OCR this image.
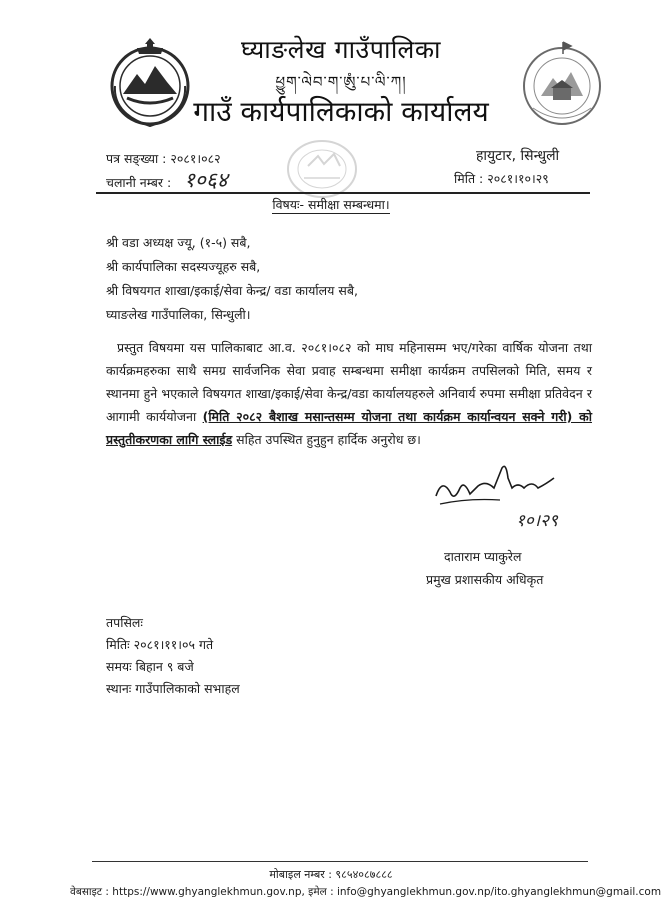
घ्याङलेख गाउँपालिका
ཕྱུག་ལེབ་ག་ཨུཾ་པ་ལི་ཀ།
गाउँ कार्यपालिकाको कार्यालय
पत्र सङ्ख्या : २०८१।०८२
चलानी नम्बर : १०६४
हायुटार, सिन्धुली
मिति : २०८१।१०।२९
विषयः- समीक्षा सम्बन्धमा।
श्री वडा अध्यक्ष ज्यू, (१-५) सबै,
श्री कार्यपालिका सदस्यज्यूहरु सबै,
श्री विषयगत शाखा/इकाई/सेवा केन्द्र/ वडा कार्यालय सबै,
घ्याङलेख गाउँपालिका, सिन्धुली।
प्रस्तुत विषयमा यस पालिकाबाट आ.व. २०८१।०८२ को माघ महिनासम्म भए/गरेका वार्षिक योजना तथा कार्यक्रमहरुका साथै समग्र सार्वजनिक सेवा प्रवाह सम्बन्धमा समीक्षा कार्यक्रम तपसिलको मिति, समय र स्थानमा हुने भएकाले विषयगत शाखा/इकाई/सेवा केन्द्र/वडा कार्यालयहरुले अनिवार्य रुपमा समीक्षा प्रतिवेदन र आगामी कार्ययोजना (मिति २०८२ बैशाख मसान्तसम्म योजना तथा कार्यक्रम कार्यान्वयन सक्ने गरी) को प्रस्तुतीकरणका लागि स्लाईड सहित उपस्थित हुनुहुन हार्दिक अनुरोध छ।
१०।२९
दाताराम प्याकुरेल
प्रमुख प्रशासकीय अधिकृत
तपसिलः
मितिः २०८१।११।०५ गते
समयः बिहान ९ बजे
स्थानः गाउँपालिकाको सभाहल
मोबाइल नम्बर : ९८५४०८७८८८
वेबसाइट : https://www.ghyanglekhmun.gov.np, इमेल : info@ghyanglekhmun.gov.np/ito.ghyanglekhmun@gmail.com
